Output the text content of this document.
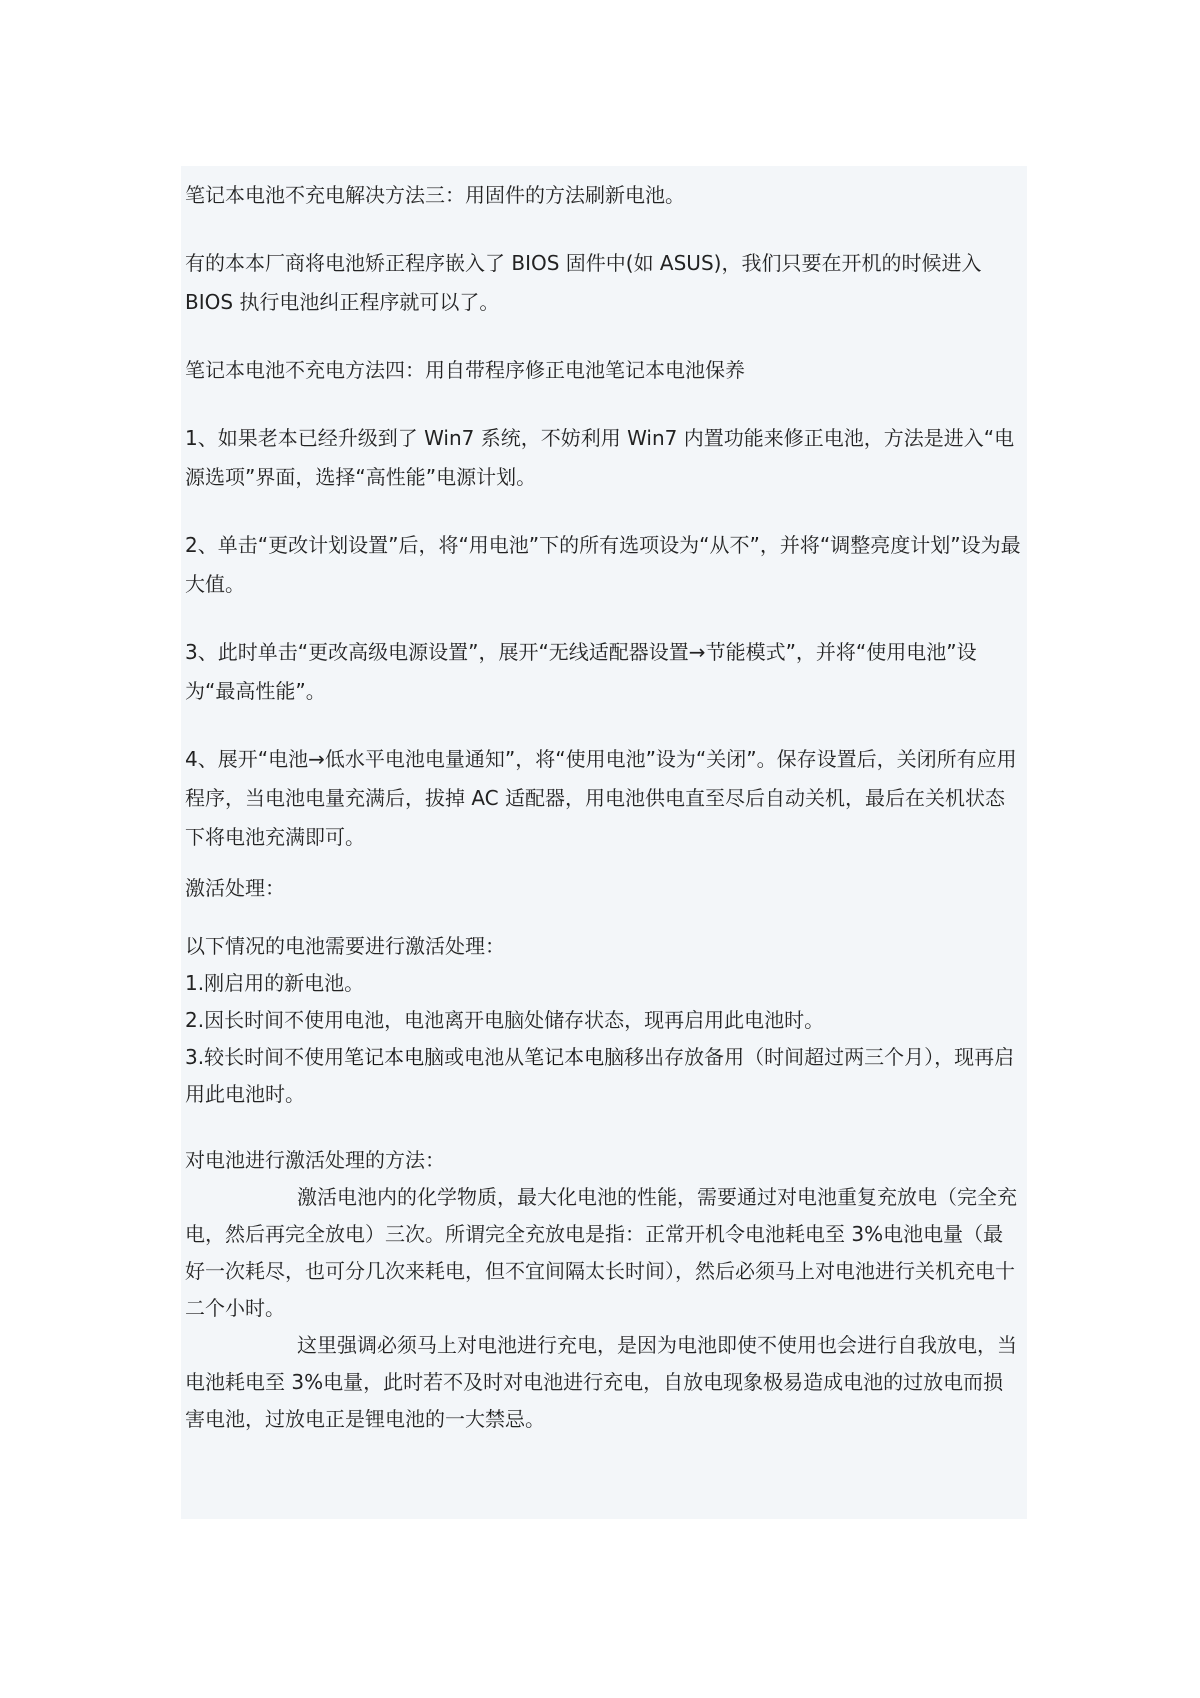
笔记本电池不充电解决方法三：用固件的方法刷新电池。

有的本本厂商将电池矫正程序嵌入了 BIOS 固件中(如 ASUS)，我们只要在开机的时候进入 BIOS 执行电池纠正程序就可以了。

笔记本电池不充电方法四：用自带程序修正电池笔记本电池保养

1、如果老本已经升级到了 Win7 系统，不妨利用 Win7 内置功能来修正电池，方法是进入“电源选项”界面，选择“高性能”电源计划。

2、单击“更改计划设置”后，将“用电池”下的所有选项设为“从不”，并将“调整亮度计划”设为最大值。

3、此时单击“更改高级电源设置”，展开“无线适配器设置→节能模式”，并将“使用电池”设为“最高性能”。

4、展开“电池→低水平电池电量通知”，将“使用电池”设为“关闭”。保存设置后，关闭所有应用程序，当电池电量充满后，拔掉 AC 适配器，用电池供电直至尽后自动关机，最后在关机状态下将电池充满即可。

激活处理：

以下情况的电池需要进行激活处理：

1.刚启用的新电池。

2.因长时间不使用电池，电池离开电脑处储存状态，现再启用此电池时。

3.较长时间不使用笔记本电脑或电池从笔记本电脑移出存放备用（时间超过两三个月），现再启用此电池时。

对电池进行激活处理的方法：

激活电池内的化学物质，最大化电池的性能，需要通过对电池重复充放电（完全充电，然后再完全放电）三次。所谓完全充放电是指：正常开机令电池耗电至 3%电池电量（最好一次耗尽，也可分几次来耗电，但不宜间隔太长时间），然后必须马上对电池进行关机充电十二个小时。

这里强调必须马上对电池进行充电，是因为电池即使不使用也会进行自我放电，当电池耗电至 3%电量，此时若不及时对电池进行充电，自放电现象极易造成电池的过放电而损害电池，过放电正是锂电池的一大禁忌。
